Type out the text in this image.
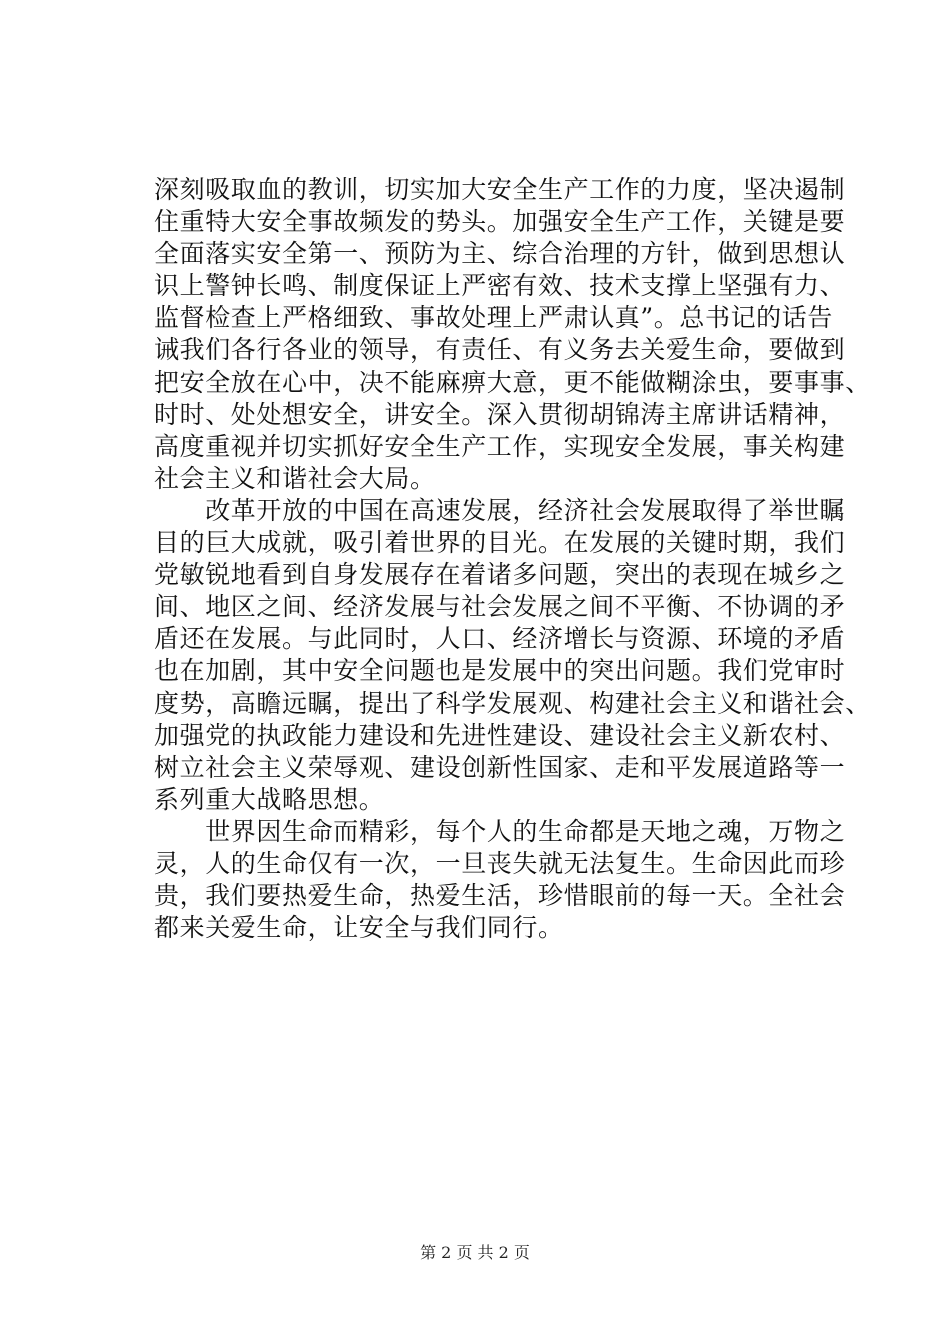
深刻吸取血的教训，切实加大安全生产工作的力度，坚决遏制
住重特大安全事故频发的势头。加强安全生产工作，关键是要
全面落实安全第一、预防为主、综合治理的方针，做到思想认
识上警钟长鸣、制度保证上严密有效、技术支撑上坚强有力、
监督检查上严格细致、事故处理上严肃认真”。总书记的话告
诫我们各行各业的领导，有责任、有义务去关爱生命，要做到
把安全放在心中，决不能麻痹大意，更不能做糊涂虫，要事事、
时时、处处想安全，讲安全。深入贯彻胡锦涛主席讲话精神，
高度重视并切实抓好安全生产工作，实现安全发展，事关构建
社会主义和谐社会大局。
　　改革开放的中国在高速发展，经济社会发展取得了举世瞩
目的巨大成就，吸引着世界的目光。在发展的关键时期，我们
党敏锐地看到自身发展存在着诸多问题，突出的表现在城乡之
间、地区之间、经济发展与社会发展之间不平衡、不协调的矛
盾还在发展。与此同时，人口、经济增长与资源、环境的矛盾
也在加剧，其中安全问题也是发展中的突出问题。我们党审时
度势，高瞻远瞩，提出了科学发展观、构建社会主义和谐社会、
加强党的执政能力建设和先进性建设、建设社会主义新农村、
树立社会主义荣辱观、建设创新性国家、走和平发展道路等一
系列重大战略思想。
　　世界因生命而精彩，每个人的生命都是天地之魂，万物之
灵，人的生命仅有一次，一旦丧失就无法复生。生命因此而珍
贵，我们要热爱生命，热爱生活，珍惜眼前的每一天。全社会
都来关爱生命，让安全与我们同行。
第 2 页 共 2 页
